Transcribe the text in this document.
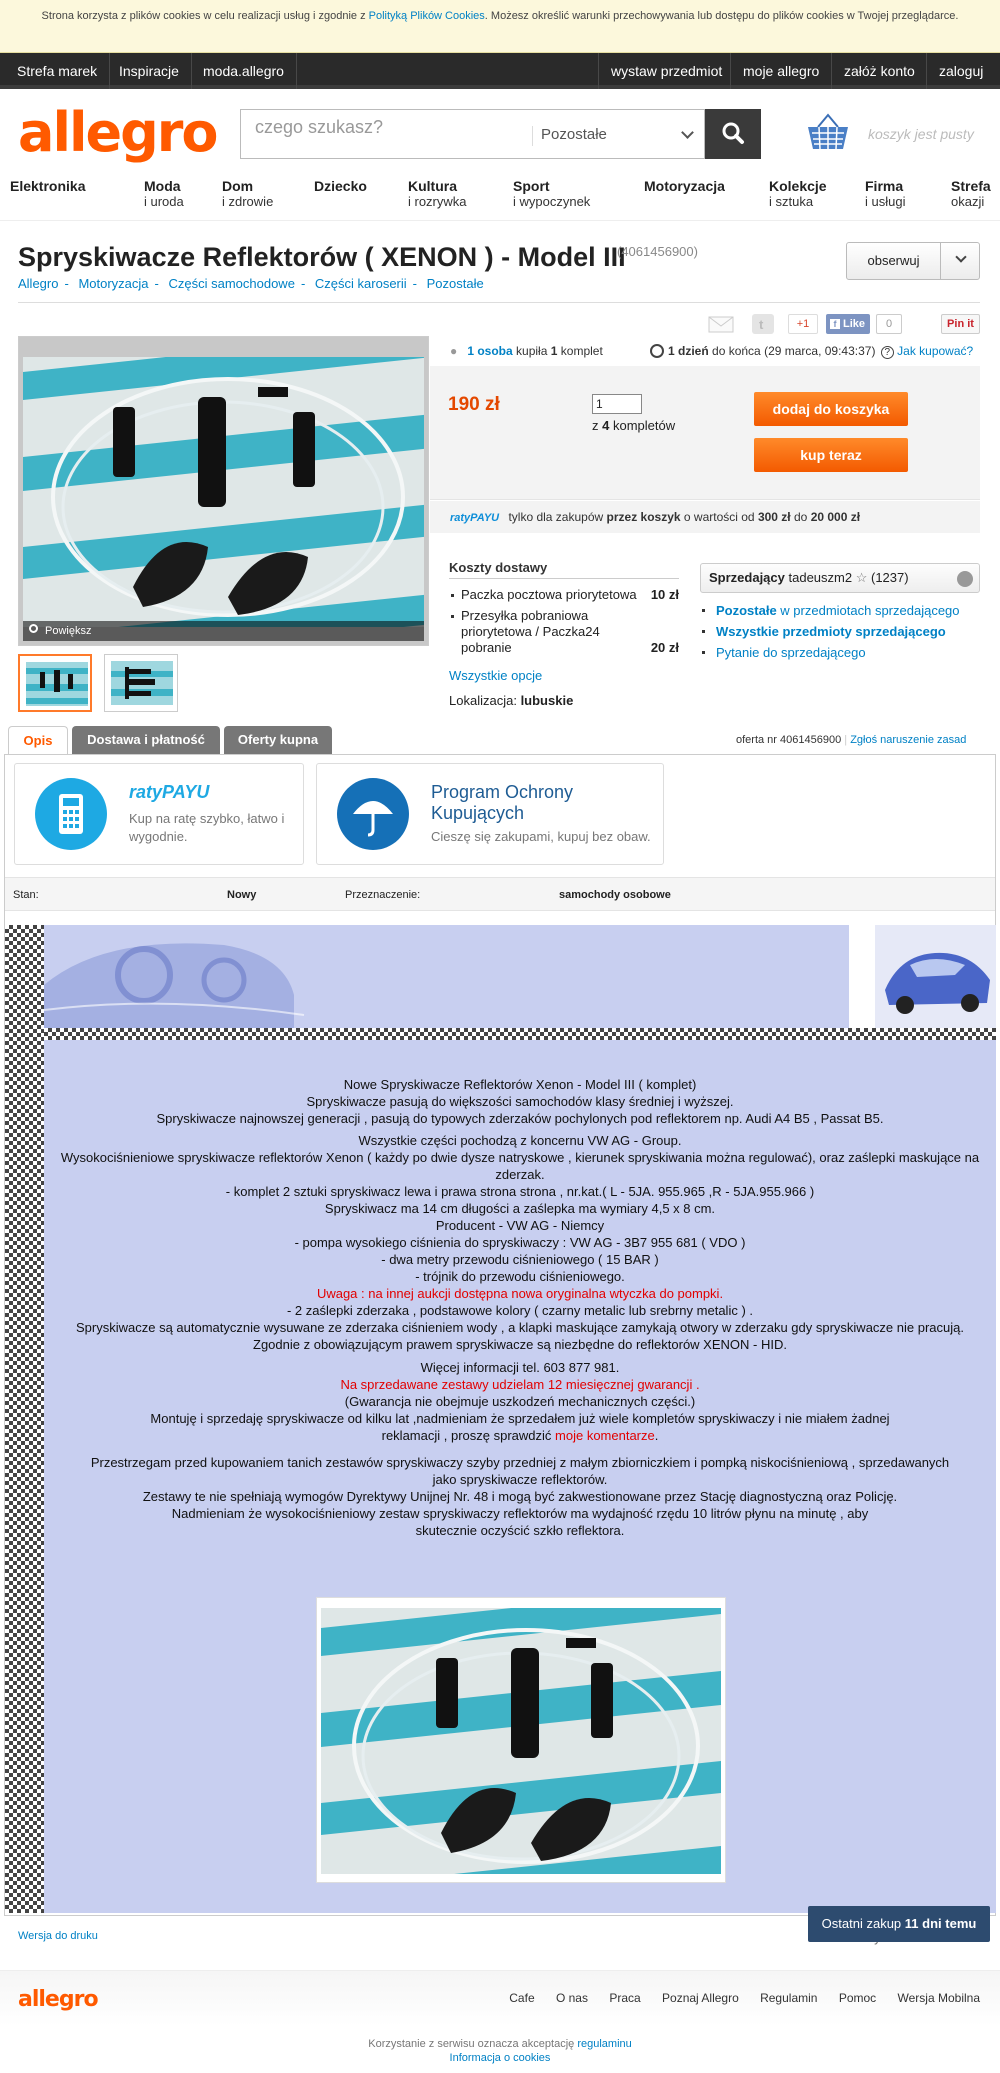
Strona korzysta z plików cookies w celu realizacji usług i zgodnie z Polityką Plików Cookies. Możesz określić warunki przechowywania lub dostępu do plików cookies w Twojej przeglądarce.
Strefa marek	Inspiracje	moda.allegro	wystaw przedmiot	moje allegro	załóż konto	zaloguj
allegro czego szukasz?	Pozostałe	koszyk jest pusty
Elektronika	Moda
i uroda
Dom
i zdrowie
Dziecko	Kultura
i rozrywka
Sport
i wypoczynek
Motoryzacja	Kolekcje
i sztuka
Firma
i usługi
Strefa
okazji
Spryskiwacze Reflektorów ( XENON ) - Model III
(4061456900)
obserwuj
Allegro - Motoryzacja - Części samochodowe - Części karoserii - Pozostałe
t	+1	f Like	0	Pin it
Powiększ
● 1 osoba kupiła 1 komplet	1 dzień do końca (29 marca, 09:43:37) ? Jak kupować?
190 zł	1
z 4 kompletów
dodaj do koszyka
kup teraz
ratyPAYU tylko dla zakupów przez koszyk o wartości od 300 zł do 20 000 zł
Koszty dostawy
Paczka pocztowa priorytetowa 10 zł
Przesyłka pobraniowa priorytetowa / Paczka24 pobranie	20 zł
Wszystkie opcje
Lokalizacja: lubuskie
Sprzedający tadeuszm2 ☆ (1237)
Pozostałe w przedmiotach sprzedającego
Wszystkie przedmioty sprzedającego
Pytanie do sprzedającego
Opis	Dostawa i płatność	Oferty kupna	oferta nr 4061456900 | Zgłoś naruszenie zasad
ratyPAYU
Kup na ratę szybko, łatwo i wygodnie.
Program Ochrony Kupujących
Cieszę się zakupami, kupuj bez obaw.
Stan:	Nowy	Przeznaczenie:	samochody osobowe

Nowe Spryskiwacze Reflektorów Xenon - Model III ( komplet)

Spryskiwacze pasują do większości samochodów klasy średniej i wyższej.

Spryskiwacze najnowszej generacji , pasują do typowych zderzaków pochylonych pod reflektorem np. Audi A4 B5 , Passat B5.

Wszystkie części pochodzą z koncernu VW AG - Group.

Wysokociśnieniowe spryskiwacze reflektorów Xenon ( każdy po dwie dysze natryskowe , kierunek spryskiwania można regulować), oraz zaślepki maskujące na zderzak.

- komplet 2 sztuki spryskiwacz lewa i prawa strona strona , nr.kat.( L - 5JA. 955.965 ,R - 5JA.955.966 )

Spryskiwacz ma 14 cm długości a zaślepka ma wymiary 4,5 x 8 cm.

Producent - VW AG - Niemcy

- pompa wysokiego ciśnienia do spryskiwaczy : VW AG - 3B7 955 681 ( VDO )

- dwa metry przewodu ciśnieniowego ( 15 BAR )

- trójnik do przewodu ciśnieniowego.

Uwaga : na innej aukcji dostępna nowa oryginalna wtyczka do pompki.

- 2 zaślepki zderzaka , podstawowe kolory ( czarny metalic lub srebrny metalic ) .

Spryskiwacze są automatycznie wysuwane ze zderzaka ciśnieniem wody , a klapki maskujące zamykają otwory w zderzaku gdy spryskiwacze nie pracują.

Zgodnie z obowiązującym prawem spryskiwacze są niezbędne do reflektorów XENON - HID.

Więcej informacji tel. 603 877 981.

Na sprzedawane zestawy udzielam 12 miesięcznej gwarancji .

(Gwarancja nie obejmuje uszkodzeń mechanicznych części.)

Montuję i sprzedaję spryskiwacze od kilku lat ,nadmieniam że sprzedałem już wiele kompletów spryskiwaczy i nie miałem żadnej reklamacji , proszę sprawdzić moje komentarze.

Przestrzegam przed kupowaniem tanich zestawów spryskiwaczy szyby przedniej z małym zbiorniczkiem i pompką niskociśnieniową , sprzedawanych jako spryskiwacze reflektorów.

Zestawy te nie spełniają wymogów Dyrektywy Unijnej Nr. 48 i mogą być zakwestionowane przez Stację diagnostyczną oraz Policję.

Nadmieniam że wysokociśnieniowy zestaw spryskiwaczy reflektorów ma wydajność rzędu 10 litrów płynu na minutę , aby skutecznie oczyścić szkło reflektora.

Wersja do druku
Ostatni zakup 11 dni temu
allegro	Cafe O nas Praca Poznaj Allegro Regulamin Pomoc Wersja Mobilna
Korzystanie z serwisu oznacza akceptację regulaminu
Informacja o cookies
